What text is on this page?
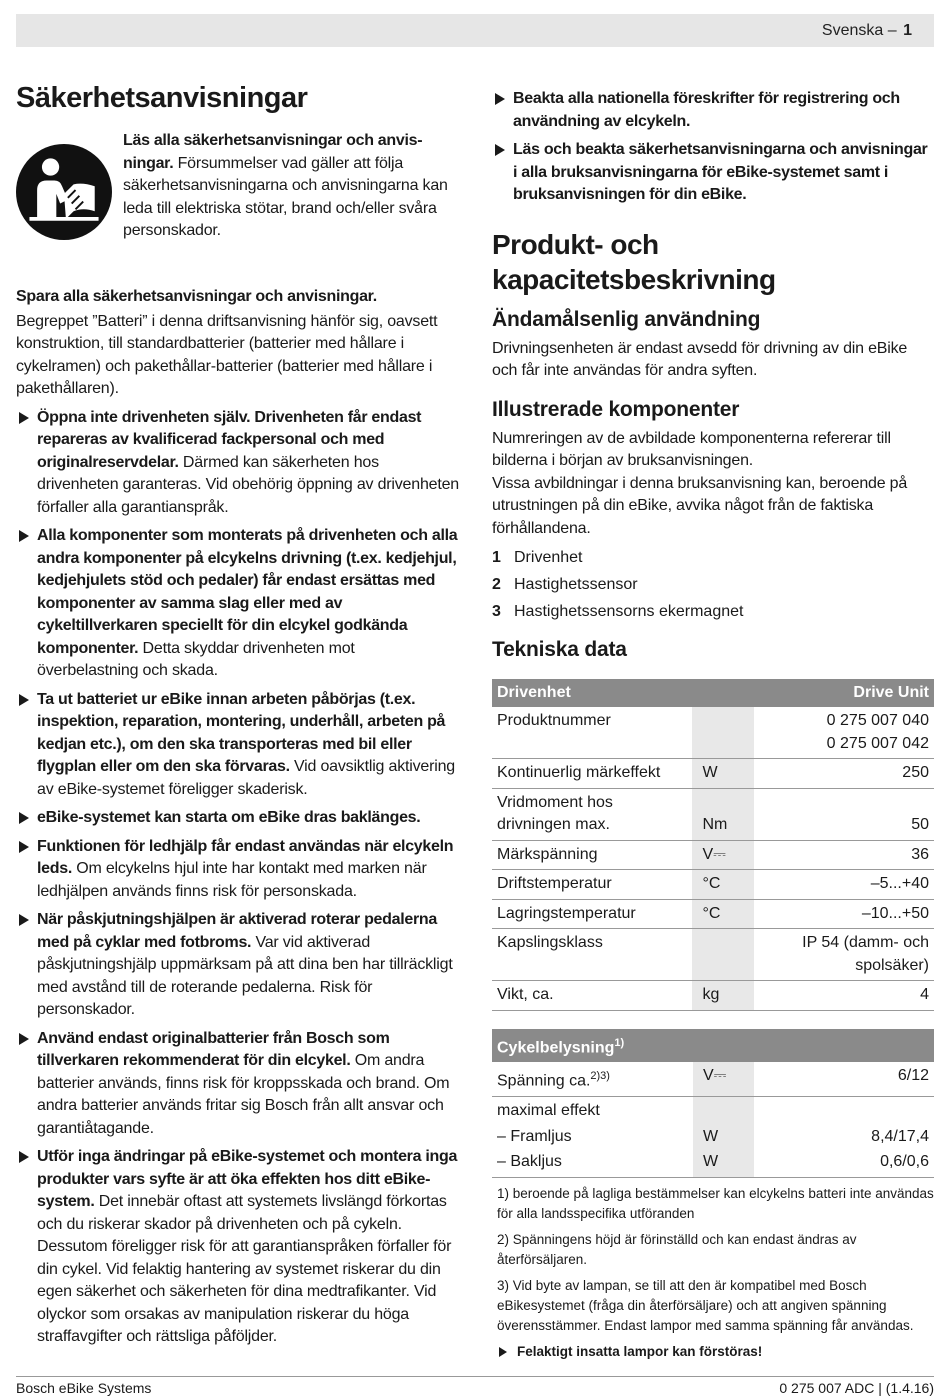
Svenska – 1
Säkerhetsanvisningar

Läs alla säkerhetsanvisningar och anvisningar. Försummelser vad gäller att följa säkerhetsanvisningarna och anvisningarna kan leda till elektriska stötar, brand och/eller svåra personskador.

Spara alla säkerhetsanvisningar och anvisningar.

Begreppet ”Batteri” i denna driftsanvisning hänför sig, oavsett konstruktion, till standardbatterier (batterier med hållare i cykelramen) och pakethållar-batterier (batterier med hållare i pakethållaren).

Öppna inte drivenheten själv. Drivenheten får endast repareras av kvalificerad fackpersonal och med originalreservdelar. Därmed kan säkerheten hos drivenheten garanteras. Vid obehörig öppning av drivenheten förfaller alla garantianspråk.
Alla komponenter som monterats på drivenheten och alla andra komponenter på elcykelns drivning (t.ex. kedjehjul, kedjehjulets stöd och pedaler) får endast ersättas med komponenter av samma slag eller med av cykeltillverkaren speciellt för din elcykel godkända komponenter. Detta skyddar drivenheten mot överbelastning och skada.
Ta ut batteriet ur eBike innan arbeten påbörjas (t.ex. inspektion, reparation, montering, underhåll, arbeten på kedjan etc.), om den ska transporteras med bil eller flygplan eller om den ska förvaras. Vid oavsiktlig aktivering av eBike-systemet föreligger skaderisk.
eBike-systemet kan starta om eBike dras baklänges.
Funktionen för ledhjälp får endast användas när elcykeln leds. Om elcykelns hjul inte har kontakt med marken när ledhjälpen används finns risk för personskada.
När påskjutningshjälpen är aktiverad roterar pedalerna med på cyklar med fotbroms. Var vid aktiverad påskjutningshjälp uppmärksam på att dina ben har tillräckligt med avstånd till de roterande pedalerna. Risk för personskador.
Använd endast originalbatterier från Bosch som tillverkaren rekommenderat för din elcykel. Om andra batterier används, finns risk för kroppsskada och brand. Om andra batterier används fritar sig Bosch från allt ansvar och garantiåtagande.
Utför inga ändringar på eBike-systemet och montera inga produkter vars syfte är att öka effekten hos ditt eBike-system. Det innebär oftast att systemets livslängd förkortas och du riskerar skador på drivenheten och på cykeln. Dessutom föreligger risk för att garantianspråken förfaller för din cykel. Vid felaktig hantering av systemet riskerar du din egen säkerhet och säkerheten för dina medtrafikanter. Vid olyckor som orsakas av manipulation riskerar du höga straffavgifter och rättsliga påföljder.
Beakta alla nationella föreskrifter för registrering och användning av elcykeln.
Läs och beakta säkerhetsanvisningarna och anvisningar i alla bruksanvisningarna för eBike-systemet samt i bruksanvisningen för din eBike.
Produkt- och kapacitetsbeskrivning
Ändamålsenlig användning

Drivningsenheten är endast avsedd för drivning av din eBike och får inte användas för andra syften.

Illustrerade komponenter

Numreringen av de avbildade komponenterna refererar till bilderna i början av bruksanvisningen.

Vissa avbildningar i denna bruksanvisning kan, beroende på utrustningen på din eBike, avvika något från de faktiska förhållandena.

1 Drivenhet
2 Hastighetssensor
3 Hastighetssensorns ekermagnet
Tekniska data
Drivenhet		Drive Unit
Produktnummer		0 275 007 040
0 275 007 042
Kontinuerlig märkeffekt	W	250
Vridmoment hos drivningen max.	Nm	50
Märkspänning	V⎓	36
Driftstemperatur	°C	–5...+40
Lagringstemperatur	°C	–10...+50
Kapslingsklass		IP 54 (damm- och spolsäker)
Vikt, ca.	kg	4
Cykelbelysning$^{1)}$
Spänning ca.$^{2)3)}$	V⎓	6/12
maximal effekt		
– Framljus	W	8,4/17,4
– Bakljus	W	0,6/0,6

1) beroende på lagliga bestämmelser kan elcykelns batteri inte användas för alla landsspecifika utföranden

2) Spänningens höjd är förinställd och kan endast ändras av återförsäljaren.

3) Vid byte av lampan, se till att den är kompatibel med Bosch eBikesystemet (fråga din återförsäljare) och att angiven spänning överensstämmer. Endast lampor med samma spänning får användas.

Felaktigt insatta lampor kan förstöras!
Bosch eBike Systems	0 275 007 ADC | (1.4.16)
